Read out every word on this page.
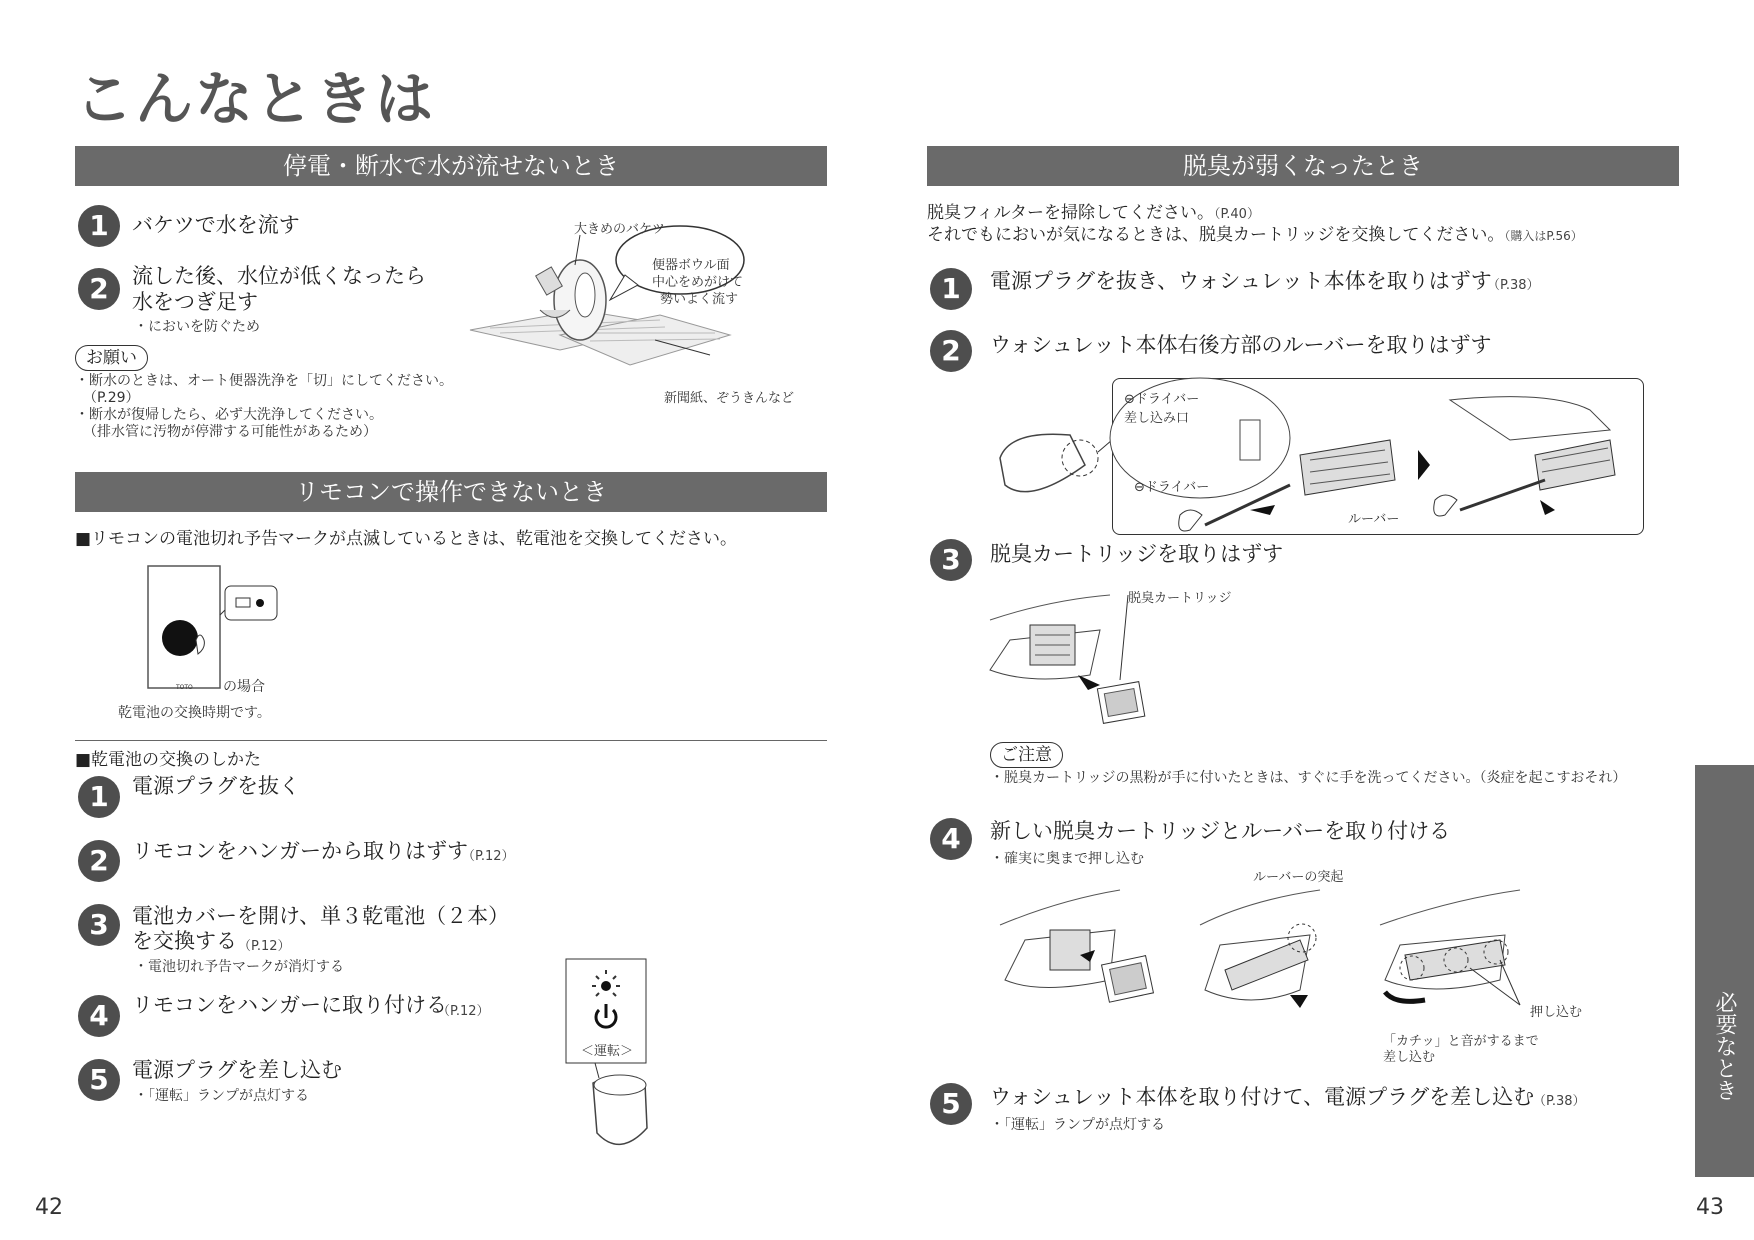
こんなときは
停電・断水で水が流せないとき
1	バケツで水を流す
2	流した後、水位が低くなったら
水をつぎ足す
・においを防ぐため
お願い
・断水のときは、オート便器洗浄を「切」にしてください。
（P.29）
・断水が復帰したら、必ず大洗浄してください。
（排水管に汚物が停滞する可能性があるため）
大きめのバケツ
便器ボウル面
中心をめがけて
勢いよく流す
新聞紙、ぞうきんなど
リモコンで操作できないとき
■リモコンの電池切れ予告マークが点滅しているときは、乾電池を交換してください。
TOTO の場合
乾電池の交換時期です。
■乾電池の交換のしかた
1	電源プラグを抜く
2	リモコンをハンガーから取りはずす
（P.12）
3	電池カバーを開け、単３乾電池（２本）
を交換する （P.12）
・電池切れ予告マークが消灯する
4	リモコンをハンガーに取り付ける
（P.12）
5	電源プラグを差し込む
・「運転」ランプが点灯する
＜運転＞
42
脱臭が弱くなったとき
脱臭フィルターを掃除してください。（P.40）
それでもにおいが気になるときは、脱臭カートリッジを交換してください。（購入はP.56）
1	電源プラグを抜き、ウォシュレット本体を取りはずす
（P.38）
2	ウォシュレット本体右後方部のルーバーを取りはずす
⊖ドライバー
差し込み口
⊖ドライバー
ルーバー
3	脱臭カートリッジを取りはずす
脱臭カートリッジ
ご注意
・脱臭カートリッジの黒粉が手に付いたときは、すぐに手を洗ってください。（炎症を起こすおそれ）
4	新しい脱臭カートリッジとルーバーを取り付ける
・確実に奥まで押し込む
ルーバーの突起
押し込む
「カチッ」と音がするまで
差し込む
5	ウォシュレット本体を取り付けて、電源プラグを差し込む
（P.38）
・「運転」ランプが点灯する
必要なとき
43
